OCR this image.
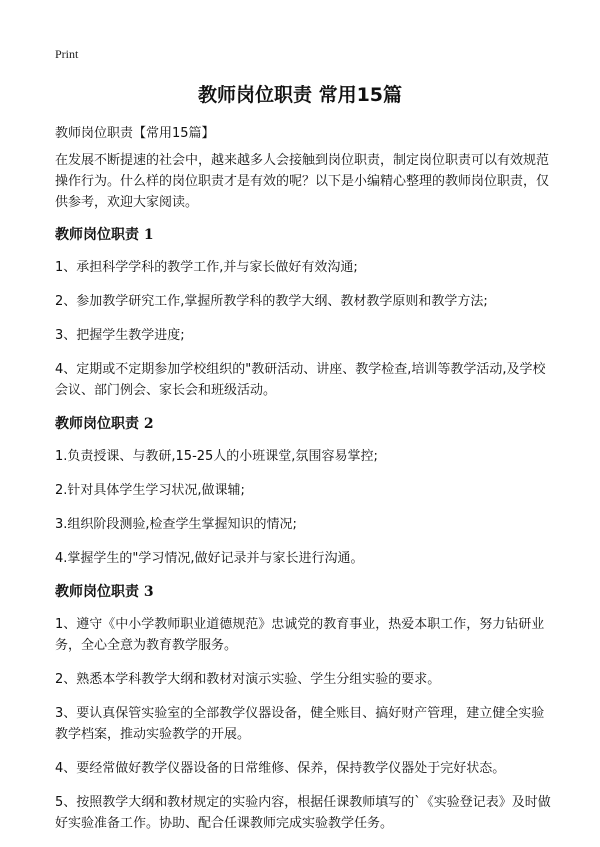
Print
教师岗位职责 常用15篇

教师岗位职责【常用15篇】

在发展不断提速的社会中，越来越多人会接触到岗位职责，制定岗位职责可以有效规范操作行为。什么样的岗位职责才是有效的呢？以下是小编精心整理的教师岗位职责，仅供参考，欢迎大家阅读。

教师岗位职责 1

1、承担科学学科的教学工作,并与家长做好有效沟通;

2、参加教学研究工作,掌握所教学科的教学大纲、教材教学原则和教学方法;

3、把握学生教学进度;

4、定期或不定期参加学校组织的"教研活动、讲座、教学检查,培训等教学活动,及学校会议、部门例会、家长会和班级活动。

教师岗位职责 2

1.负责授课、与教研,15-25人的小班课堂,氛围容易掌控;

2.针对具体学生学习状况,做课辅;

3.组织阶段测验,检查学生掌握知识的情况;

4.掌握学生的"学习情况,做好记录并与家长进行沟通。

教师岗位职责 3

1、遵守《中小学教师职业道德规范》忠诚党的教育事业，热爱本职工作，努力钻研业务，全心全意为教育教学服务。

2、熟悉本学科教学大纲和教材对演示实验、学生分组实验的要求。

3、要认真保管实验室的全部教学仪器设备，健全账目、搞好财产管理，建立健全实验教学档案，推动实验教学的开展。

4、要经常做好教学仪器设备的日常维修、保养，保持教学仪器处于完好状态。

5、按照教学大纲和教材规定的实验内容，根据任课教师填写的`《实验登记表》及时做好实验准备工作。协助、配合任课教师完成实验教学任务。
